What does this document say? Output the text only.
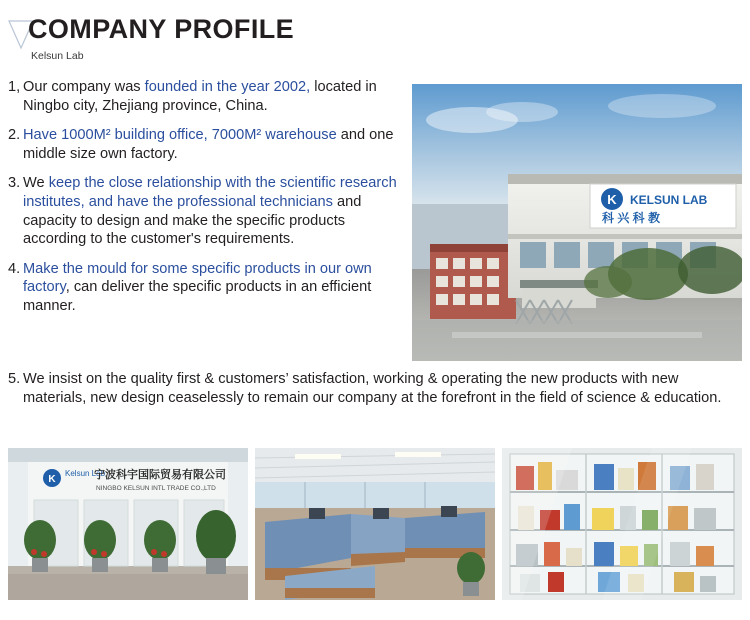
COMPANY PROFILE
Kelsun Lab
1, Our company was founded in the year 2002, located in Ningbo city, Zhejiang province, China.
2. Have 1000M² building office, 7000M² warehouse and one middle size own factory.
3. We keep the close relationship with the scientific research institutes, and have the professional technicians and capacity to design and make the specific products according to the customer's requirements.
4. Make the mould for some specific products in our own factory, can deliver the specific products in an efficient manner.
5. We insist on the quality first & customers’ satisfaction, working & operating the new products with new materials, new design ceaselessly to remain our company at the forefront in the field of science & education.
K KELSUN LAB
科 兴 科 教
K
Kelsun Lab
宁波科宇国际贸易有限公司
NINGBO KELSUN INTL TRADE CO.,LTD
